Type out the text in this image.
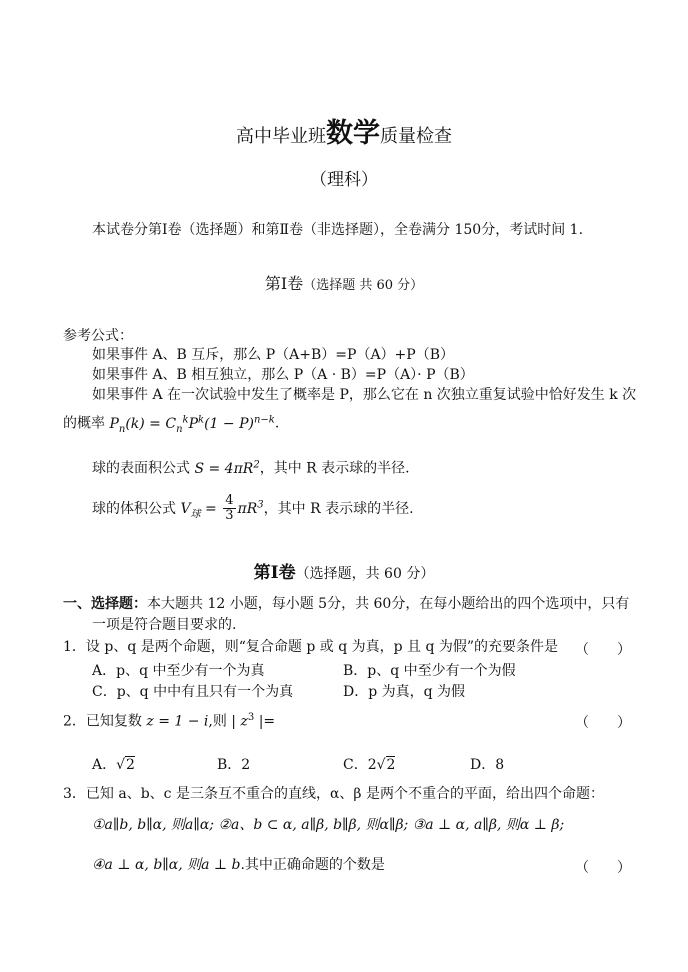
高中毕业班数学质量检查
（理科）
本试卷分第Ⅰ卷（选择题）和第Ⅱ卷（非选择题），全卷满分 150分，考试时间 1.
第Ⅰ卷（选择题 共 60 分）
参考公式：
如果事件 A、B 互斥，那么 P（A+B）=P（A）+P（B）
如果事件 A、B 相互独立，那么 P（A · B）=P（A）· P（B）
如果事件 A 在一次试验中发生了概率是 P，那么它在 n 次独立重复试验中恰好发生 k 次
的概率 $P_n(k) = C_n^kP^k(1 - P)^{n-k}$.
球的表面积公式 $S = 4\pi R^2$，其中 R 表示球的半径.
球的体积公式 $V_球 = \frac{4}{3} \pi R^3$，其中 R 表示球的半径.
第Ⅰ卷（选择题，共 60 分）
一、选择题：本大题共 12 小题，每小题 5分，共 60分，在每小题给出的四个选项中，只有
一项是符合题目要求的.
1．设 p、q 是两个命题，则“复合命题 p 或 q 为真，p 且 q 为假”的充要条件是 （　　）
A．p、q 中至少有一个为真	B．p、q 中至少有一个为假
C．p、q 中中有且只有一个为真	D．p 为真，q 为假
2．已知复数 z = 1 − i,则 | $z^3$ |=	（　　）
A．√2	B．2	C．2√2	D．8
3．已知 a、b、c 是三条互不重合的直线，α、β 是两个不重合的平面，给出四个命题：
①a∥b, b∥α, 则a∥α; ②a、b ⊂ α, a∥β, b∥β, 则α∥β; ③a ⊥ α, a∥β, 则α ⊥ β;
④a ⊥ α, b∥α, 则a ⊥ b.其中正确命题的个数是	（　　）
